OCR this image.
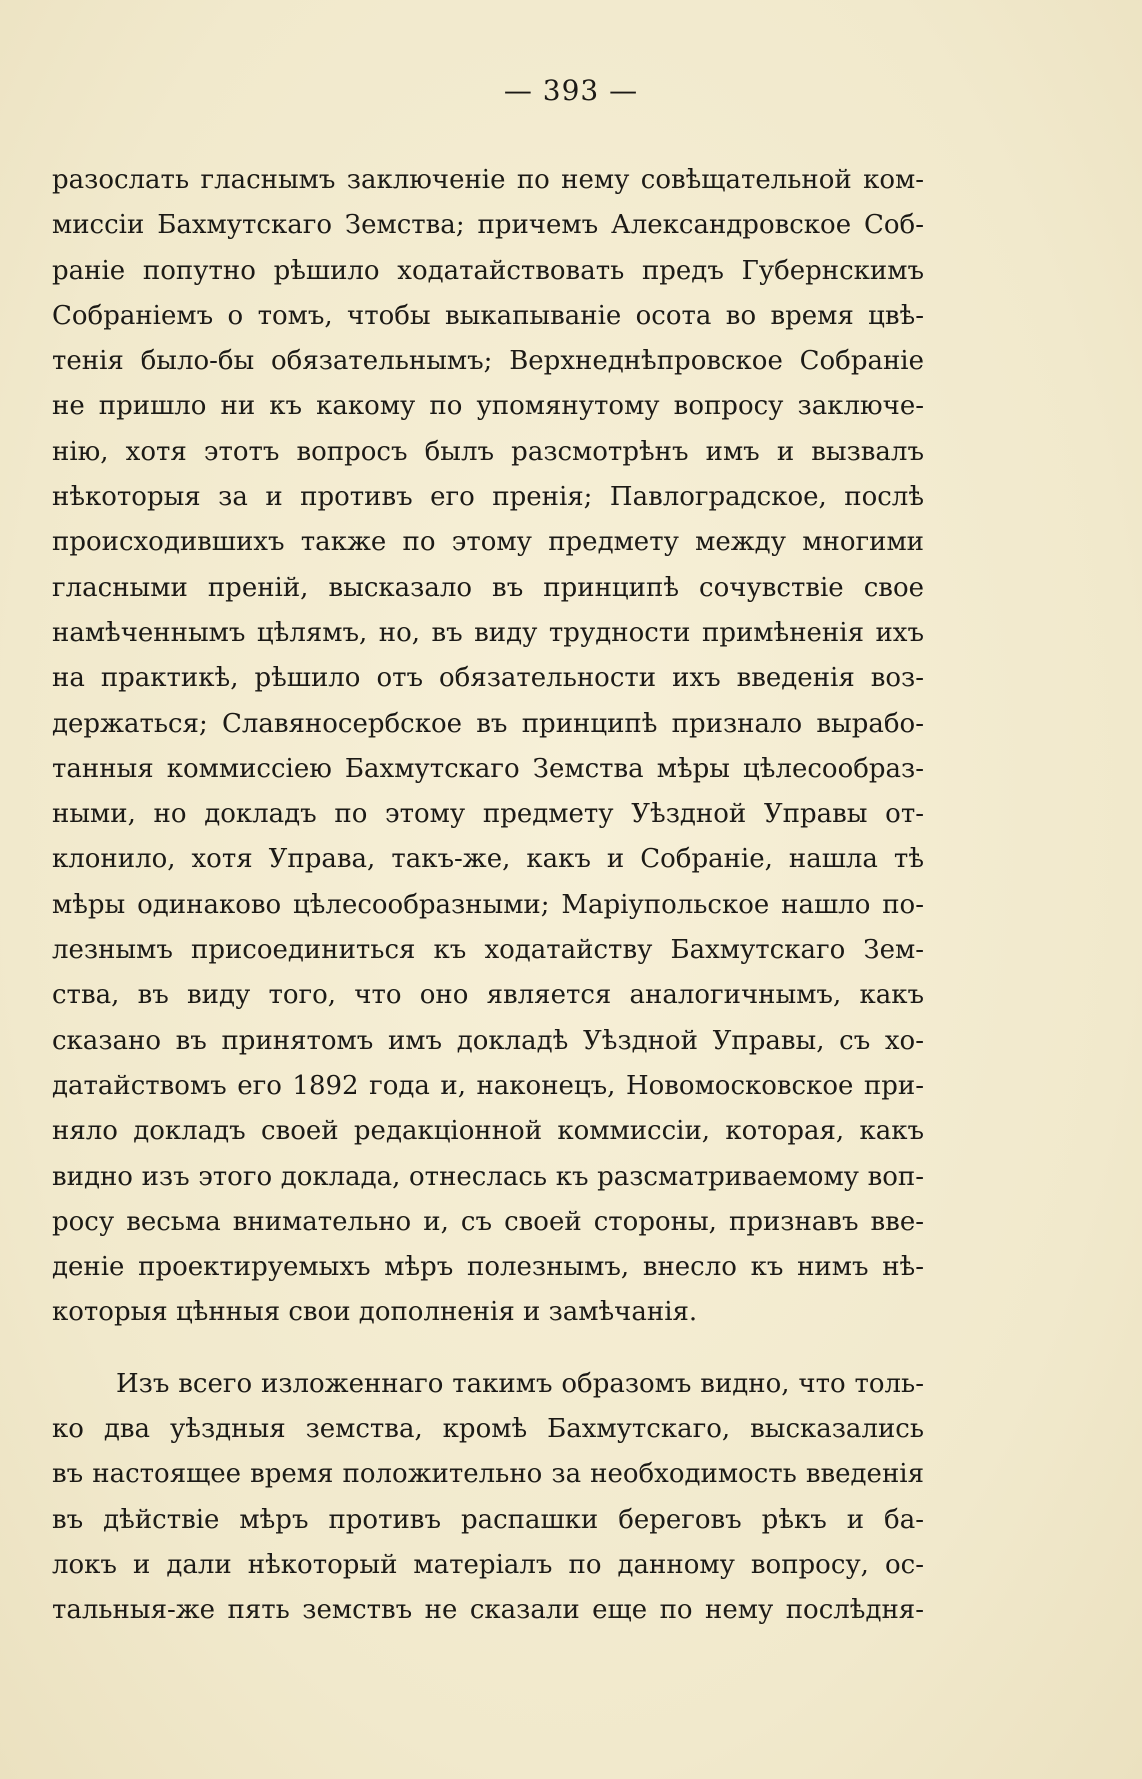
— 393 —
разослать гласнымъ заключеніе по нему совѣщательной ком-
миссіи Бахмутскаго Земства; причемъ Александровское Соб-
раніе попутно рѣшило ходатайствовать предъ Губернскимъ
Собраніемъ о томъ, чтобы выкапываніе осота во время цвѣ-
тенія было-бы обязательнымъ; Верхнеднѣпровское Собраніе
не пришло ни къ какому по упомянутому вопросу заключе-
нію, хотя этотъ вопросъ былъ разсмотрѣнъ имъ и вызвалъ
нѣкоторыя за и противъ его пренія; Павлоградское, послѣ
происходившихъ также по этому предмету между многими
гласными преній, высказало въ принципѣ сочувствіе свое
намѣченнымъ цѣлямъ, но, въ виду трудности примѣненія ихъ
на практикѣ, рѣшило отъ обязательности ихъ введенія воз-
держаться; Славяносербское въ принципѣ признало вырабо-
танныя коммиссіею Бахмутскаго Земства мѣры цѣлесообраз-
ными, но докладъ по этому предмету Уѣздной Управы от-
клонило, хотя Управа, такъ-же, какъ и Собраніе, нашла тѣ
мѣры одинаково цѣлесообразными; Маріупольское нашло по-
лезнымъ присоединиться къ ходатайству Бахмутскаго Зем-
ства, въ виду того, что оно является аналогичнымъ, какъ
сказано въ принятомъ имъ докладѣ Уѣздной Управы, съ хо-
датайствомъ его 1892 года и, наконецъ, Новомосковское при-
няло докладъ своей редакціонной коммиссіи, которая, какъ
видно изъ этого доклада, отнеслась къ разсматриваемому воп-
росу весьма внимательно и, съ своей стороны, признавъ вве-
деніе проектируемыхъ мѣръ полезнымъ, внесло къ нимъ нѣ-
которыя цѣнныя свои дополненія и замѣчанія.
Изъ всего изложеннаго такимъ образомъ видно, что толь-
ко два уѣздныя земства, кромѣ Бахмутскаго, высказались
въ настоящее время положительно за необходимость введенія
въ дѣйствіе мѣръ противъ распашки береговъ рѣкъ и ба-
локъ и дали нѣкоторый матеріалъ по данному вопросу, ос-
тальныя-же пять земствъ не сказали еще по нему послѣдня-
